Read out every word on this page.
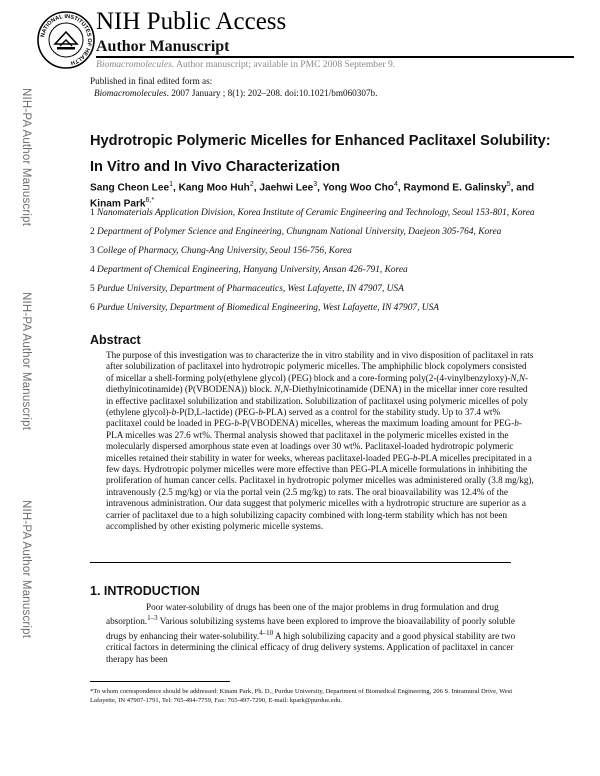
NATIONAL INSTITUTES OF HEALTH
NIH Public Access
Author Manuscript
Biomacromolecules. Author manuscript; available in PMC 2008 September 9.
Published in final edited form as:
Biomacromolecules. 2007 January ; 8(1): 202–208. doi:10.1021/bm060307b.
NIH-PA Author Manuscript
NIH-PA Author Manuscript
NIH-PA Author Manuscript
Hydrotropic Polymeric Micelles for Enhanced Paclitaxel Solubility: In Vitro and In Vivo Characterization
Sang Cheon Lee$^1$, Kang Moo Huh$^2$, Jaehwi Lee$^3$, Yong Woo Cho$^4$, Raymond E. Galinsky$^5$, and Kinam Park$^{6,*}$
1 Nanomaterials Application Division, Korea Institute of Ceramic Engineering and Technology, Seoul 153-801, Korea
2 Department of Polymer Science and Engineering, Chungnam National University, Daejeon 305-764, Korea
3 College of Pharmacy, Chung-Ang University, Seoul 156-756, Korea
4 Department of Chemical Engineering, Hanyang University, Ansan 426-791, Korea
5 Purdue University, Department of Pharmaceutics, West Lafayette, IN 47907, USA
6 Purdue University, Department of Biomedical Engineering, West Lafayette, IN 47907, USA
Abstract
The purpose of this investigation was to characterize the in vitro stability and in vivo disposition of paclitaxel in rats after solubilization of paclitaxel into hydrotropic polymeric micelles. The amphiphilic block copolymers consisted of micellar a shell-forming poly(ethylene glycol) (PEG) block and a core-forming poly(2-(4-vinylbenzyloxy)-N,N-diethylnicotinamide) (P(VBODENA)) block. N,N-Diethylnicotinamide (DENA) in the micellar inner core resulted in effective paclitaxel solubilization and stabilization. Solubilization of paclitaxel using polymeric micelles of poly (ethylene glycol)-b-P(D,L-lactide) (PEG-b-PLA) served as a control for the stability study. Up to 37.4 wt% paclitaxel could be loaded in PEG-b-P(VBODENA) micelles, whereas the maximum loading amount for PEG-b-PLA micelles was 27.6 wt%. Thermal analysis showed that paclitaxel in the polymeric micelles existed in the molecularly dispersed amorphous state even at loadings over 30 wt%. Paclitaxel-loaded hydrotropic polymeric micelles retained their stability in water for weeks, whereas paclitaxel-loaded PEG-b-PLA micelles precipitated in a few days. Hydrotropic polymer micelles were more effective than PEG-PLA micelle formulations in inhibiting the proliferation of human cancer cells. Paclitaxel in hydrotropic polymer micelles was administered orally (3.8 mg/kg), intravenously (2.5 mg/kg) or via the portal vein (2.5 mg/kg) to rats. The oral bioavailability was 12.4% of the intravenous administration. Our data suggest that polymeric micelles with a hydrotropic structure are superior as a carrier of paclitaxel due to a high solubilizing capacity combined with long-term stability which has not been accomplished by other existing polymeric micelle systems.
1. INTRODUCTION

Poor water-solubility of drugs has been one of the major problems in drug formulation and drug absorption.$^{1-3}$ Various solubilizing systems have been explored to improve the bioavailability of poorly soluble drugs by enhancing their water-solubility.$^{4-10}$ A high solubilizing capacity and a good physical stability are two critical factors in determining the clinical efficacy of drug delivery systems. Application of paclitaxel in cancer therapy has been

*To whom correspondence should be addressed: Kinam Park, Ph. D., Purdue University, Department of Biomedical Engineering, 206 S. Intramural Drive, West Lafayette, IN 47907-1791, Tel: 765-494-7759, Fax: 765-497-7290, E-mail: kpark@purdue.edu.
